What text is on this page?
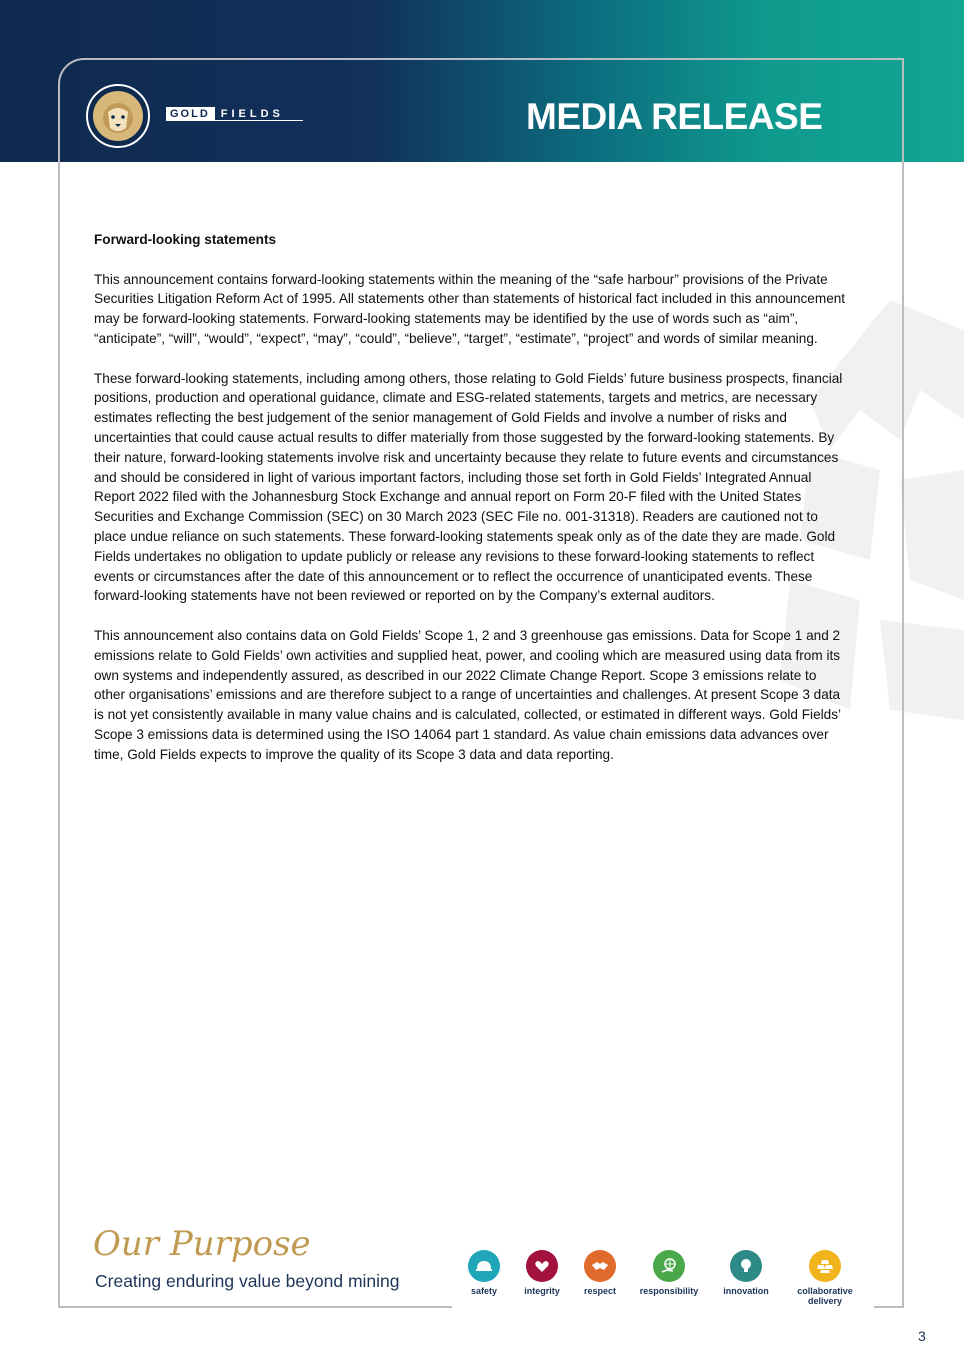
GOLD	FIELDS	MEDIA RELEASE
Forward-looking statements

This announcement contains forward-looking statements within the meaning of the “safe harbour” provisions of the Private Securities Litigation Reform Act of 1995. All statements other than statements of historical fact included in this announcement may be forward-looking statements. Forward-looking statements may be identified by the use of words such as “aim”, “anticipate”, “will”, “would”, “expect”, “may”, “could”, “believe”, “target”, “estimate”, “project” and words of similar meaning.

These forward-looking statements, including among others, those relating to Gold Fields’ future business prospects, financial positions, production and operational guidance, climate and ESG-related statements, targets and metrics, are necessary estimates reflecting the best judgement of the senior management of Gold Fields and involve a number of risks and uncertainties that could cause actual results to differ materially from those suggested by the forward-looking statements. By their nature, forward-looking statements involve risk and uncertainty because they relate to future events and circumstances and should be considered in light of various important factors, including those set forth in Gold Fields’ Integrated Annual Report 2022 filed with the Johannesburg Stock Exchange and annual report on Form 20-F filed with the United States Securities and Exchange Commission (SEC) on 30 March 2023 (SEC File no. 001-31318). Readers are cautioned not to place undue reliance on such statements. These forward-looking statements speak only as of the date they are made. Gold Fields undertakes no obligation to update publicly or release any revisions to these forward-looking statements to reflect events or circumstances after the date of this announcement or to reflect the occurrence of unanticipated events. These forward-looking statements have not been reviewed or reported on by the Company’s external auditors.

This announcement also contains data on Gold Fields’ Scope 1, 2 and 3 greenhouse gas emissions. Data for Scope 1 and 2 emissions relate to Gold Fields’ own activities and supplied heat, power, and cooling which are measured using data from its own systems and independently assured, as described in our 2022 Climate Change Report. Scope 3 emissions relate to other organisations’ emissions and are therefore subject to a range of uncertainties and challenges. At present Scope 3 data is not yet consistently available in many value chains and is calculated, collected, or estimated in different ways. Gold Fields’ Scope 3 emissions data is determined using the ISO 14064 part 1 standard. As value chain emissions data advances over time, Gold Fields expects to improve the quality of its Scope 3 data and data reporting.

Our Purpose
Creating enduring value beyond mining	safety	integrity	respect	responsibility	innovation	collaborative delivery
3
